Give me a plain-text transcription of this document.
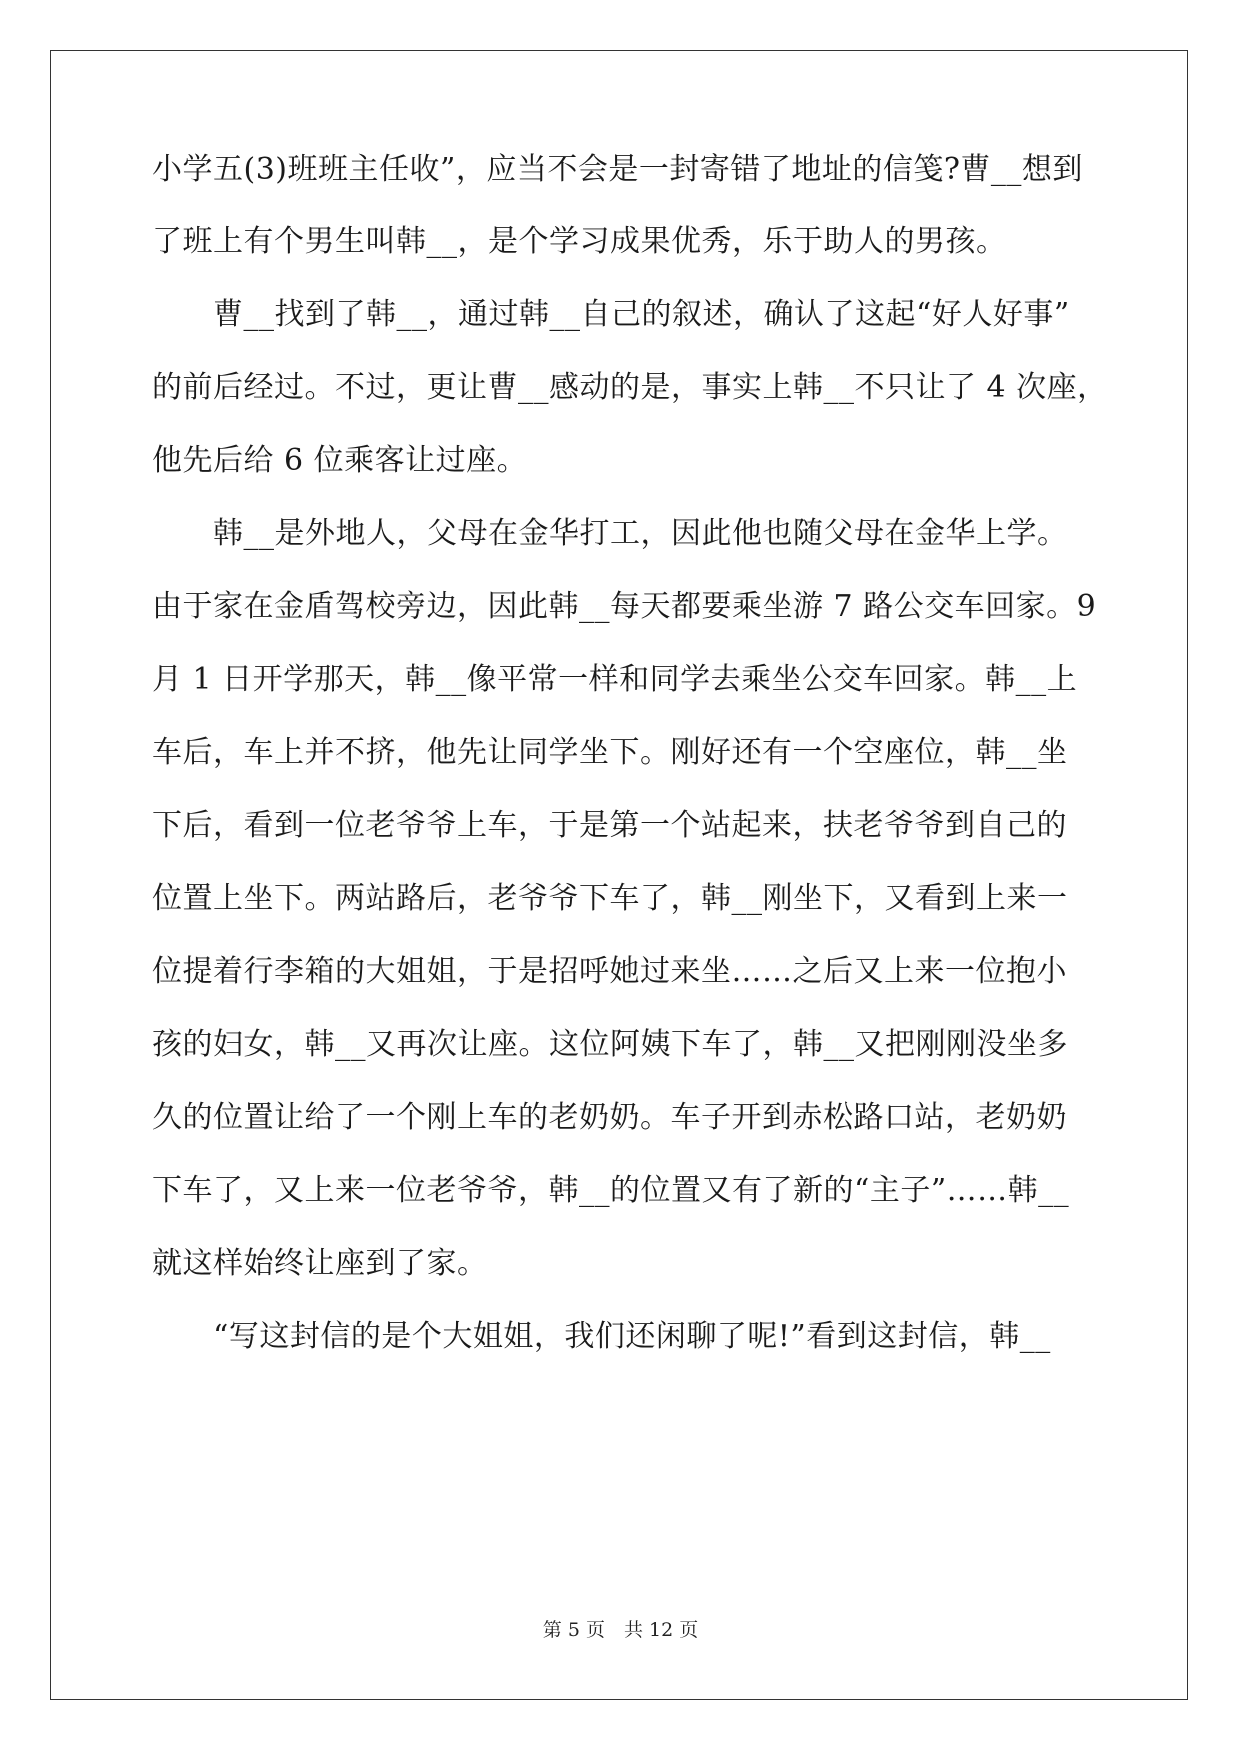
小学五(3)班班主任收”，应当不会是一封寄错了地址的信笺?曹__想到
了班上有个男生叫韩__，是个学习成果优秀，乐于助人的男孩。
　　曹__找到了韩__，通过韩__自己的叙述，确认了这起“好人好事”
的前后经过。不过，更让曹__感动的是，事实上韩__不只让了 4 次座，
他先后给 6 位乘客让过座。
　　韩__是外地人，父母在金华打工，因此他也随父母在金华上学。
由于家在金盾驾校旁边，因此韩__每天都要乘坐游 7 路公交车回家。9
月 1 日开学那天，韩__像平常一样和同学去乘坐公交车回家。韩__上
车后，车上并不挤，他先让同学坐下。刚好还有一个空座位，韩__坐
下后，看到一位老爷爷上车，于是第一个站起来，扶老爷爷到自己的
位置上坐下。两站路后，老爷爷下车了，韩__刚坐下，又看到上来一
位提着行李箱的大姐姐，于是招呼她过来坐……之后又上来一位抱小
孩的妇女，韩__又再次让座。这位阿姨下车了，韩__又把刚刚没坐多
久的位置让给了一个刚上车的老奶奶。车子开到赤松路口站，老奶奶
下车了，又上来一位老爷爷，韩__的位置又有了新的“主子”……韩__
就这样始终让座到了家。
　　“写这封信的是个大姐姐，我们还闲聊了呢!”看到这封信，韩__
第 5 页　共 12 页
